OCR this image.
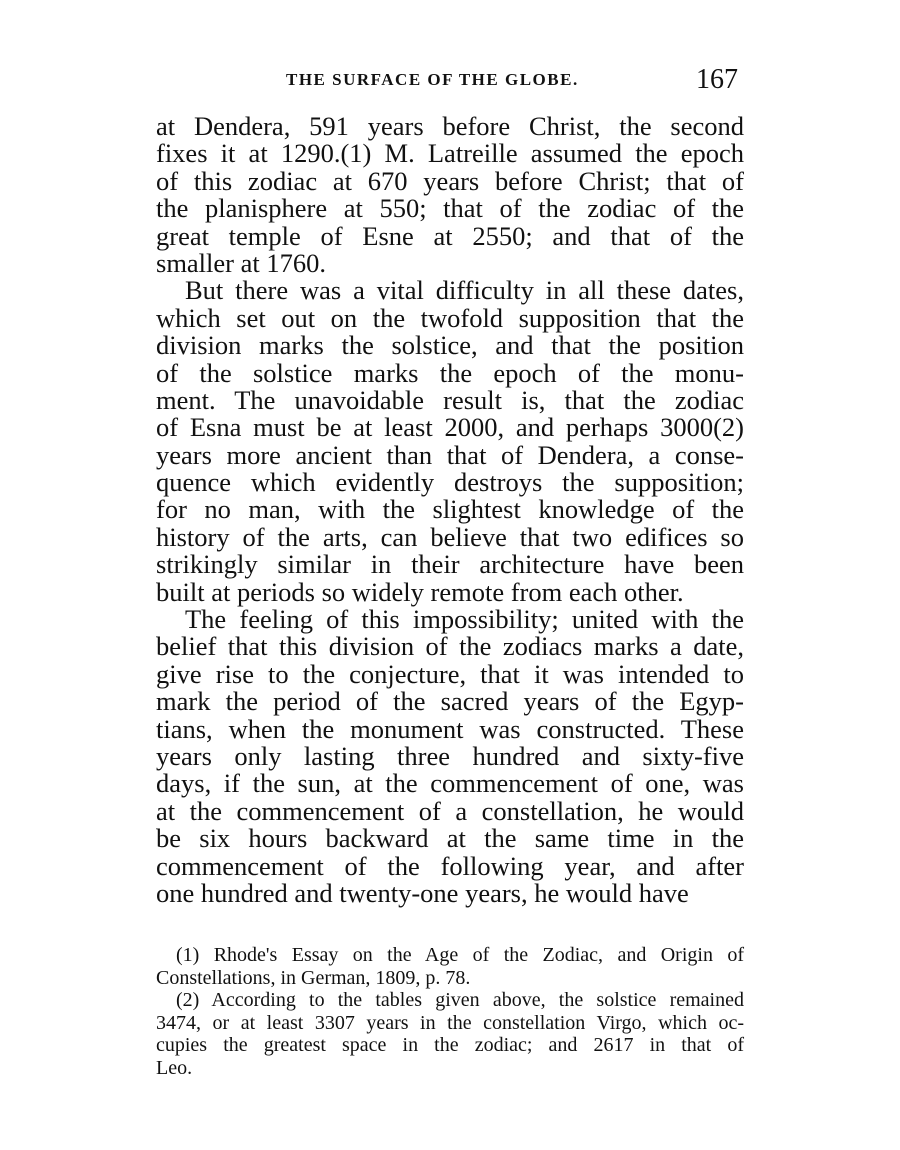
THE SURFACE OF THE GLOBE.	167
at Dendera, 591 years before Christ, the second
fixes it at 1290.(1) M. Latreille assumed the epoch
of this zodiac at 670 years before Christ; that of
the planisphere at 550; that of the zodiac of the
great temple of Esne at 2550; and that of the
smaller at 1760.
But there was a vital difficulty in all these dates,
which set out on the twofold supposition that the
division marks the solstice, and that the position
of the solstice marks the epoch of the monu-
ment. The unavoidable result is, that the zodiac
of Esna must be at least 2000, and perhaps 3000(2)
years more ancient than that of Dendera, a conse-
quence which evidently destroys the supposition;
for no man, with the slightest knowledge of the
history of the arts, can believe that two edifices so
strikingly similar in their architecture have been
built at periods so widely remote from each other.
The feeling of this impossibility; united with the
belief that this division of the zodiacs marks a date,
give rise to the conjecture, that it was intended to
mark the period of the sacred years of the Egyp-
tians, when the monument was constructed. These
years only lasting three hundred and sixty-five
days, if the sun, at the commencement of one, was
at the commencement of a constellation, he would
be six hours backward at the same time in the
commencement of the following year, and after
one hundred and twenty-one years, he would have
(1) Rhode's Essay on the Age of the Zodiac, and Origin of
Constellations, in German, 1809, p. 78.
(2) According to the tables given above, the solstice remained
3474, or at least 3307 years in the constellation Virgo, which oc-
cupies the greatest space in the zodiac; and 2617 in that of
Leo.
